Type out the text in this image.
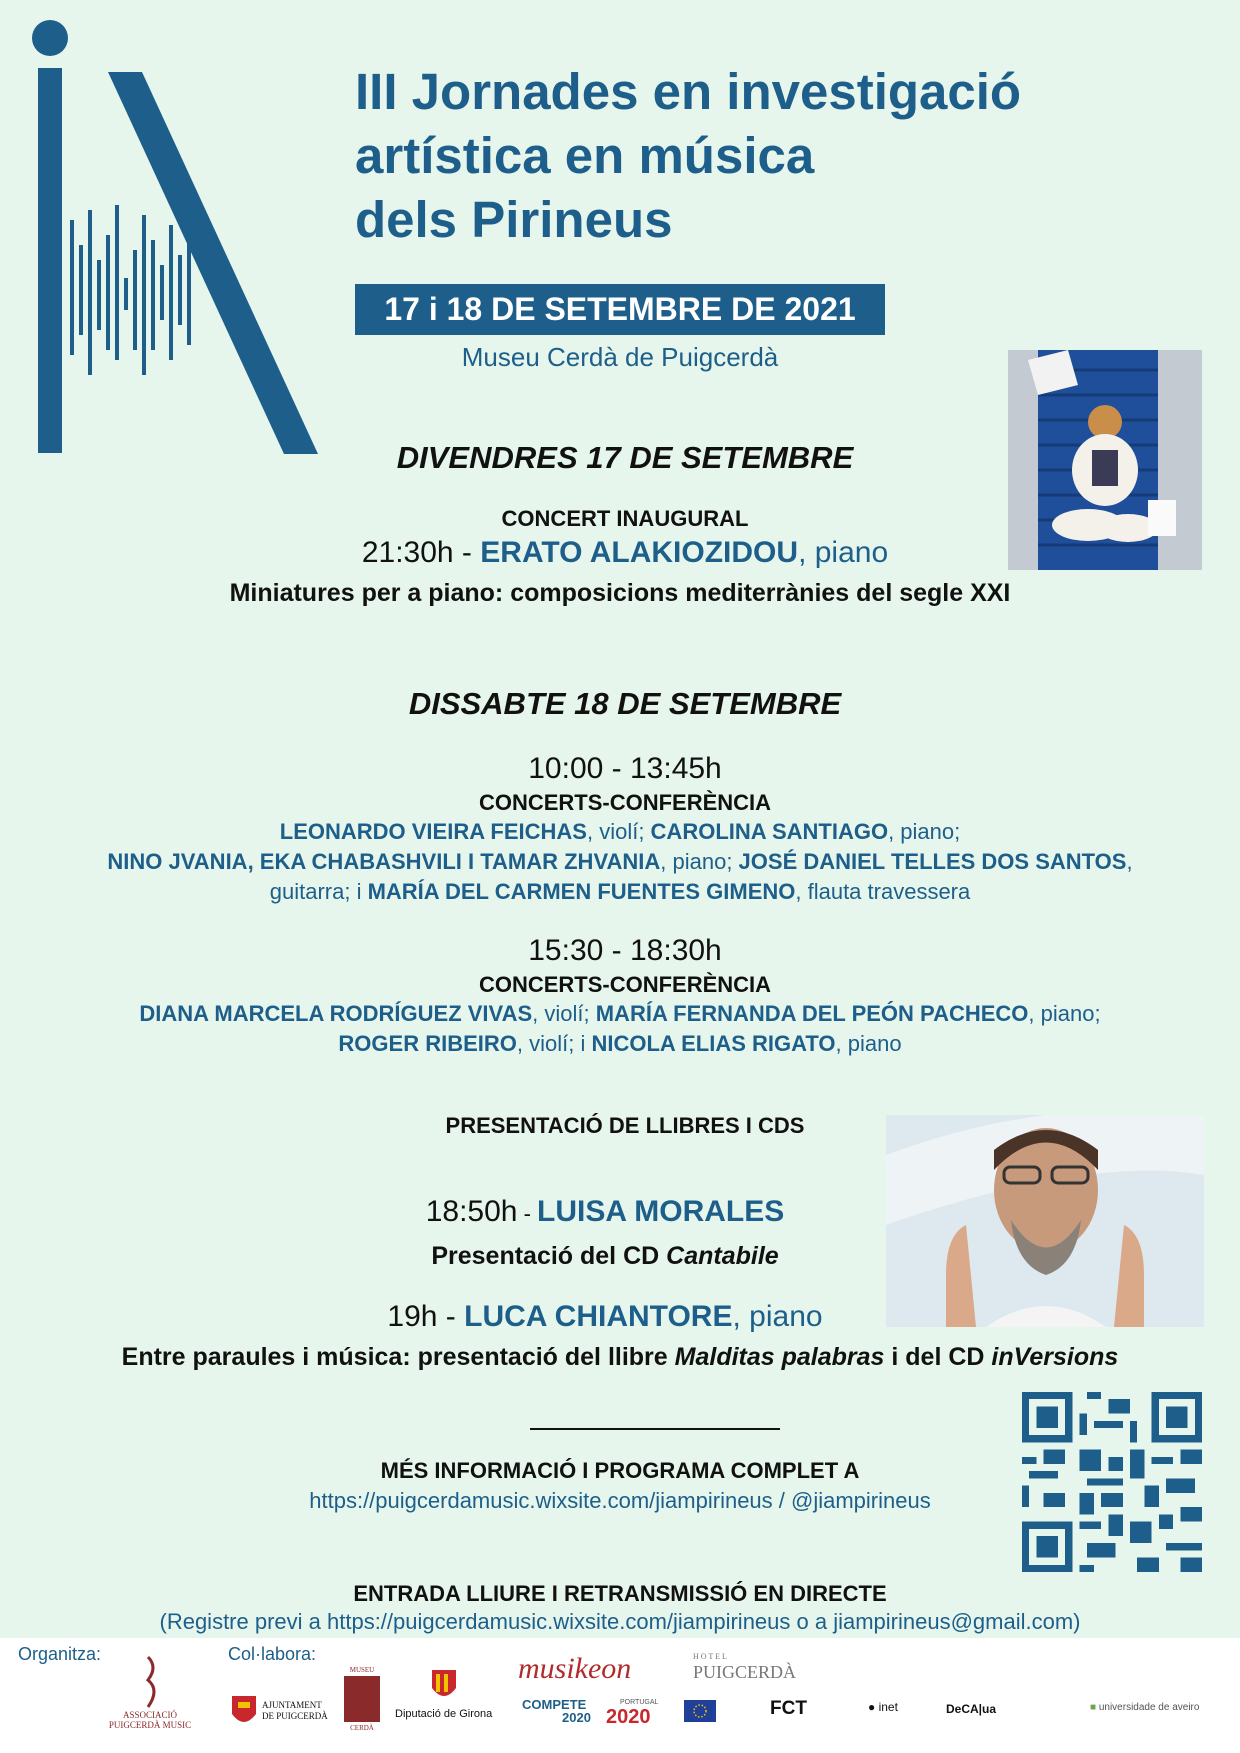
III Jornades en investigació
artística en música
dels Pirineus
17 i 18 DE SETEMBRE DE 2021
Museu Cerdà de Puigcerdà
DIVENDRES 17 DE SETEMBRE
CONCERT INAUGURAL
21:30h - ERATO ALAKIOZIDOU, piano
Miniatures per a piano: composicions mediterrànies del segle XXI
DISSABTE 18 DE SETEMBRE
10:00 - 13:45h
CONCERTS-CONFERÈNCIA
LEONARDO VIEIRA FEICHAS, violí; CAROLINA SANTIAGO, piano;
NINO JVANIA, EKA CHABASHVILI I TAMAR ZHVANIA, piano; JOSÉ DANIEL TELLES DOS SANTOS,
guitarra; i MARÍA DEL CARMEN FUENTES GIMENO, flauta travessera
15:30 - 18:30h
CONCERTS-CONFERÈNCIA
DIANA MARCELA RODRÍGUEZ VIVAS, violí; MARÍA FERNANDA DEL PEÓN PACHECO, piano;
ROGER RIBEIRO, violí; i NICOLA ELIAS RIGATO, piano
PRESENTACIÓ DE LLIBRES I CDS
18:50h - LUISA MORALES
Presentació del CD Cantabile
19h - LUCA CHIANTORE, piano
Entre paraules i música: presentació del llibre Malditas palabras i del CD inVersions
MÉS INFORMACIÓ I PROGRAMA COMPLET A
https://puigcerdamusic.wixsite.com/jiampirineus / @jiampirineus
ENTRADA LLIURE I RETRANSMISSIÓ EN DIRECTE
(Registre previ a https://puigcerdamusic.wixsite.com/jiampirineus o a jiampirineus@gmail.com)
Organitza:	Col·labora:
ASSOCIACIÓ
PUIGCERDÀ MUSIC
AJUNTAMENT
DE PUIGCERDÀ
MUSEU
CERDÀ
Diputació de Girona
musikeon	H O T E L
PUIGCERDÀ
COMPETE
2020
PORTUGAL
2020	FCT	● inet	DeCA|ua	■ universidade de aveiro
